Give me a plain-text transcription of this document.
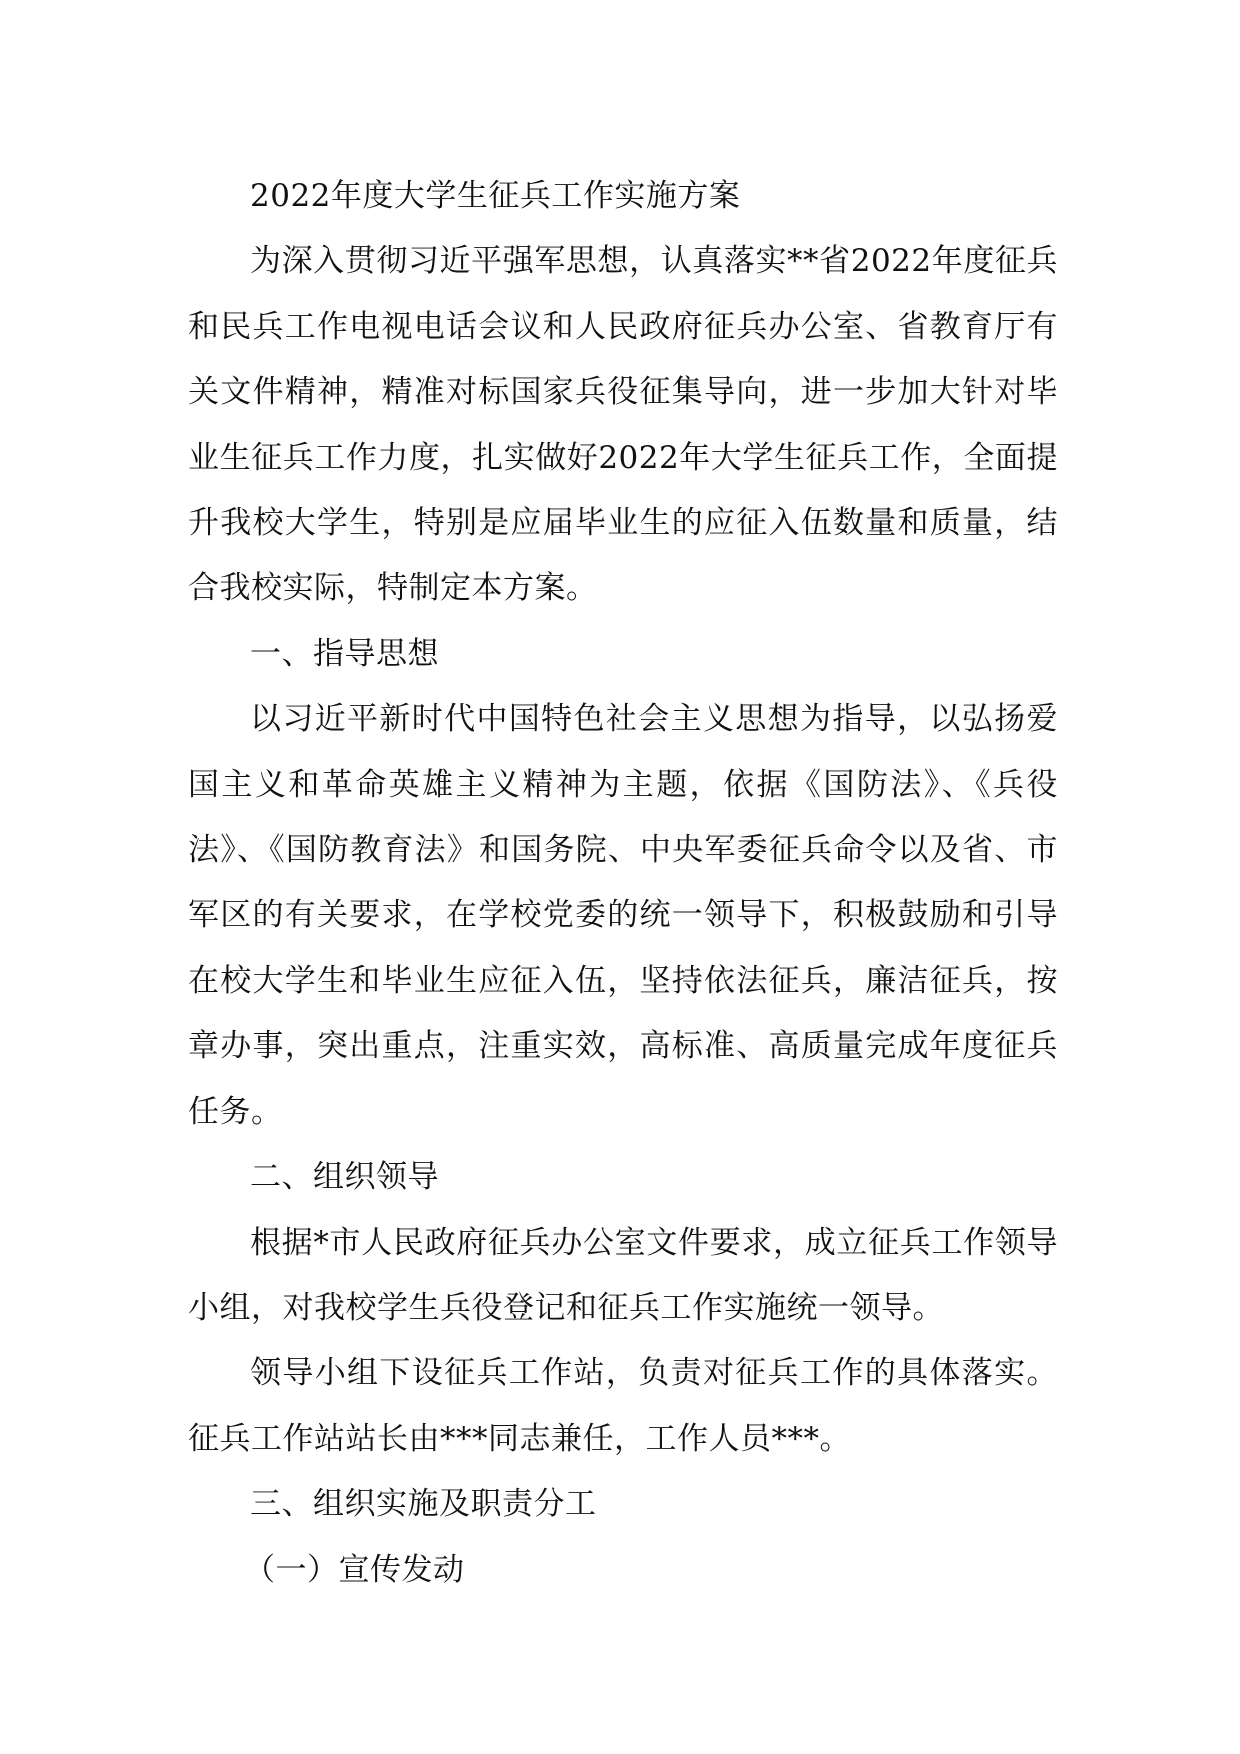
2022年度大学生征兵工作实施方案

为深入贯彻习近平强军思想，认真落实**省2022年度征兵和民兵工作电视电话会议和人民政府征兵办公室、省教育厅有关文件精神，精准对标国家兵役征集导向，进一步加大针对毕业生征兵工作力度，扎实做好2022年大学生征兵工作，全面提升我校大学生，特别是应届毕业生的应征入伍数量和质量，结合我校实际，特制定本方案。

一、指导思想

以习近平新时代中国特色社会主义思想为指导，以弘扬爱国主义和革命英雄主义精神为主题，依据《国防法》、《兵役法》、《国防教育法》和国务院、中央军委征兵命令以及省、市军区的有关要求，在学校党委的统一领导下，积极鼓励和引导在校大学生和毕业生应征入伍，坚持依法征兵，廉洁征兵，按章办事，突出重点，注重实效，高标准、高质量完成年度征兵任务。

二、组织领导

根据*市人民政府征兵办公室文件要求，成立征兵工作领导小组，对我校学生兵役登记和征兵工作实施统一领导。

领导小组下设征兵工作站，负责对征兵工作的具体落实。征兵工作站站长由***同志兼任，工作人员***。

三、组织实施及职责分工

（一）宣传发动
